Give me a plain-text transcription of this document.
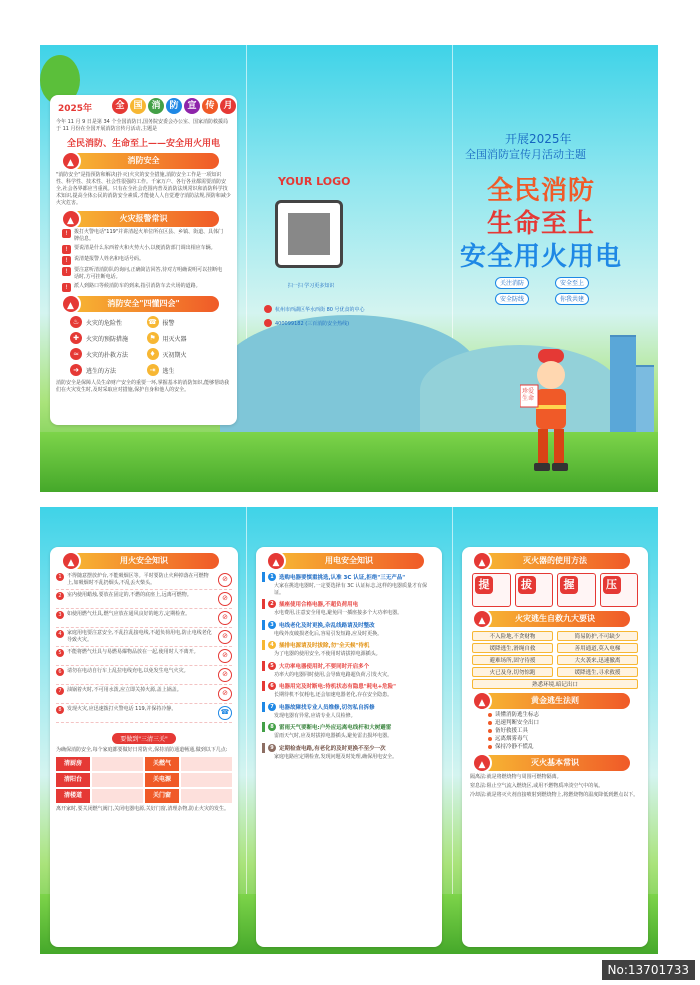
2025年	全 国 消 防 宣 传 月

今年 11 月 9 日是第 34 个全国消防日,国务院安委会办公室、国家消防救援局于 11 月份在全国开展消防宣传月活动,主题是

全民消防、生命至上——安全用火用电

▲	消防安全

"消防安全"是指预防和解决(扑灭)火灾的安全措施,消防安全工作是一项知识性、科学性、技术性、社会性很强的工作。千家万户、各行各业都需要消防安全,社会各界都应当重视。只有在全社会范围内普及消防法规常识和消防科学技术知识,提高全体公民的消防安全素质,才能使人人自觉遵守消防法规,预防和减少火灾危害。

▲	火灾报警常识
!	拨打火警电话"119"并讲清起火单位所在区县、乡镇、街道、具体门牌信息。
!	要说清是什么东西着火和火势大小,以便消防部门调出相应车辆。
!	说清楚报警人姓名和电话号码。
!	要注意听清消防队的询问,正确简洁回答,待对方明确说明可以挂断电话时,方可挂断电话。
!	派人到路口等候消防车的到来,指引消防车去火场的道路。
▲	消防安全"四懂四会"
♨	火灾的危险性	☎ 报警
✚	火灾的预防措施	⚑	用灭火器
≈	火灾的扑救方法	♦	灭初期火
➜	逃生的方法	⇥	逃生

消防安全是保障人员生命财产安全的重要一环,掌握基本的消防知识,能够帮助我们在火灾发生时,及时采取应对措施,保护自身和他人的安全。

YOUR LOGO
扫一扫 学习更多知识
杭州市西湖区华水西街 80 号优食的中心
400099182 (三百消防安全热线)
开展2025年
全国消防宣传月活动主题
全民消防
生命至上
安全用火用电
关注消防	安全至上
安全防线	你我共建
珍爱生命
▲	用火安全知识
1	不得随意摆放炉台,不能吸烟区等。平时要防止火种掉落在可燃物上,如吸烟时不乱扔烟头,不乱丢火柴头。	⊘
2	室内使用蜡烛,要放在固定的,不燃的底座上,远离可燃物。	⊘
3	如使用燃气灶具,燃气应放在通风良好的地方,定期检查。	⊘
4	家庭用电要注意安全,不乱拉乱接电线,不超负荷用电,防止电线老化导致火灾。	⊘
5	不能将燃气灶具与易燃易爆物品放在一起,使用时人不离开。	⊘
6	请勿在电动自行车上乱拉电线充电,以免发生电气火灾。	⊘
7	油锅着火时,不可用水泼,应立即关掉火源,盖上锅盖。	⊘
8	发现火灾,应迅速拨打火警电话 119,并保持冷静。	☎
要做到"三清三关"

为确保消防安全,每个家庭都要做好日常防火,保持消防通道畅通,做到以下几点:

清厨房	关燃气
清阳台	关电源
清楼道	关门窗

离开家时,要关闭燃气阀门,关闭电器电源,关好门窗,清理杂物,防止火灾的发生。

▲	用电安全知识
1 选购电器要慎重挑选,认准 3C 认证,拒绝"三无产品"
大家在挑选电器时,一定要选择有 3C 认证标志,这样的电器质量才有保证。
2 插座使用合格电器,不超负荷用电
水电费用,注意安全用电,避免同一插座接多个大功率电器。
3 电线老化及时更换,杂乱线路请及时整改
电线外皮破损老化后,容易引发短路,应及时更换。
4 插排电源请及时拔除,勿"全天候"待机
为了电器的使用安全,不使用时请拔掉电源插头。
5 大功率电器使用时,不要同时开启多个
功率大的电器同时使用,会导致电路超负荷,引发火灾。
6 电器用完及时断电:待机状态有隐患"耗电+危险"
长期待机不仅耗电,还会加速电器老化,存在安全隐患。
7 电器故障找专业人员维修,切勿私自拆修
发现电器有异常,应请专业人员检修。
8 雷雨天气要断电:户外应远离电线杆和大树避雷
雷雨天气时,应及时拔掉电器插头,避免雷击损坏电器。
9 定期检查电路,有老化的及时更换不至少一次
家庭电路应定期检查,发现问题及时处理,确保用电安全。
▲	灭火器的使用方法
提	拔	握	压
▲	火灾逃生自救九大要诀
不入险地,不贪财物	简易防护,不可缺少
缓降逃生,滑绳自救	善用通道,莫入电梯
避难场所,固守待援	大火袭来,迅速撤离
火已及身,切勿惊跑	缓降逃生,寻求救援
熟悉环境,暗记出口
▲	黄金逃生法则
读懂消防逃生标志
迅速判断安全出口
备好救援工具
远离烟雾毒气
保持冷静不慌乱
▲	灭火基本常识

隔离法:就是将燃烧物与周围可燃物隔离。

窒息法:阻止空气流入燃烧区,或用不燃物质冲淡空气中的氧。

冷却法:就是将灭火剂直接喷射到燃烧物上,将燃烧物的温度降低到燃点以下。

No:13701733
